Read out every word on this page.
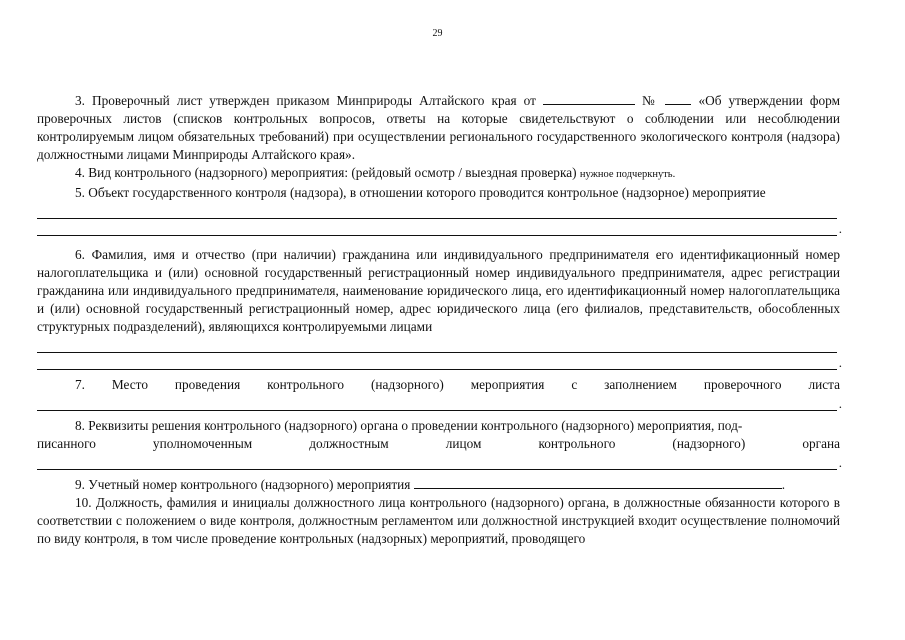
29

3. Проверочный лист утвержден приказом Минприроды Алтайского края от	№	«Об утверждении форм проверочных листов (списков контрольных вопросов, ответы на которые свидетельствуют о соблюдении или несоблюдении контролируемым лицом обязательных требований) при осуществлении регионального государственного экологического контроля (надзора) должностными лицами Минприроды Алтайского края».

4. Вид контрольного (надзорного) мероприятия: (рейдовый осмотр / выездная проверка) нужное подчеркнуть.

5. Объект государственного контроля (надзора), в отношении которого проводится контрольное (надзорное) мероприятие

.

6. Фамилия, имя и отчество (при наличии) гражданина или индивидуального предпринимателя его идентификационный номер налогоплательщика и (или) основной государственный регистрационный номер индивидуального предпринимателя, адрес регистрации гражданина или индивидуального предпринимателя, наименование юридического лица, его идентификационный номер налогоплательщика и (или) основной государственный регистрационный номер, адрес юридического лица (его филиалов, представительств, обособленных структурных подразделений), являющихся контролируемыми лицами

.

7. Место проведения контрольного (надзорного) мероприятия с заполнением проверочного листа

.

8. Реквизиты решения контрольного (надзорного) органа о проведении контрольного (надзорного) мероприятия, под-

писанного уполномоченным должностным лицом контрольного (надзорного) органа

.

9. Учетный номер контрольного (надзорного) мероприятия	.

10. Должность, фамилия и инициалы должностного лица контрольного (надзорного) органа, в должностные обязанности которого в соответствии с положением о виде контроля, должностным регламентом или должностной инструкцией входит осуществление полномочий по виду контроля, в том числе проведение контрольных (надзорных) мероприятий, проводящего
